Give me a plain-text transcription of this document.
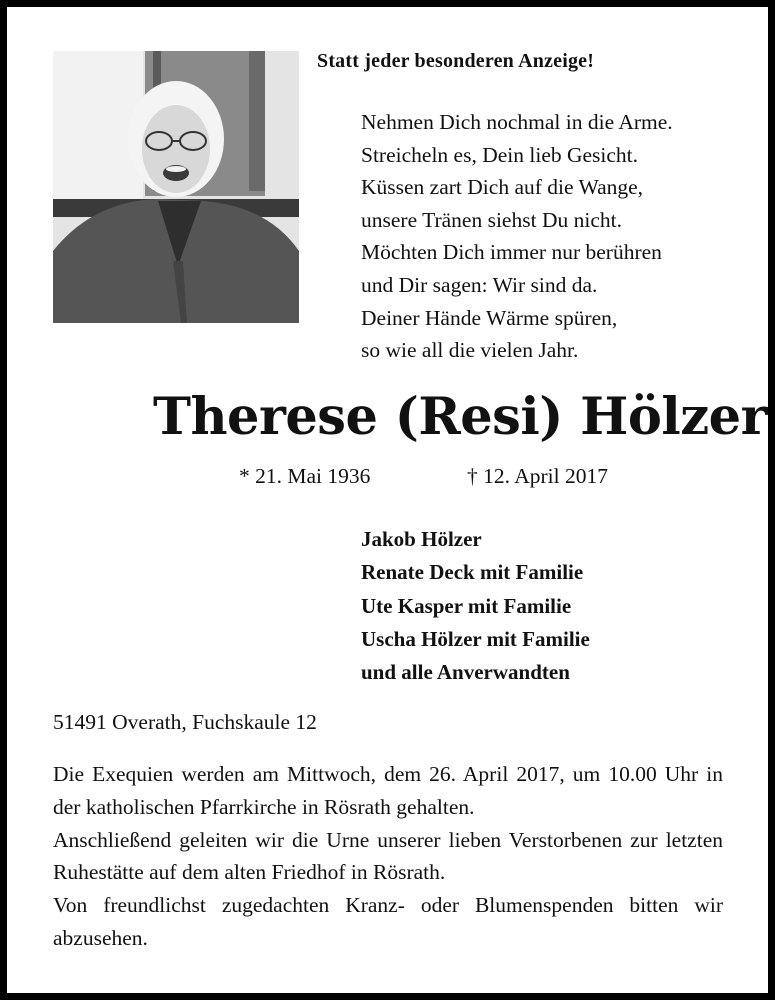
Statt jeder besonderen Anzeige!
Nehmen Dich nochmal in die Arme.
Streicheln es, Dein lieb Gesicht.
Küssen zart Dich auf die Wange,
unsere Tränen siehst Du nicht.
Möchten Dich immer nur berühren
und Dir sagen: Wir sind da.
Deiner Hände Wärme spüren,
so wie all die vielen Jahr.
Therese (Resi) Hölzer
* 21. Mai 1936	† 12. April 2017
Jakob Hölzer
Renate Deck mit Familie
Ute Kasper mit Familie
Uscha Hölzer mit Familie
und alle Anverwandten
51491 Overath, Fuchskaule 12

Die Exequien werden am Mittwoch, dem 26. April 2017, um 10.00 Uhr in der katholischen Pfarrkirche in Rösrath gehalten.

Anschließend geleiten wir die Urne unserer lieben Verstorbenen zur letzten Ruhestätte auf dem alten Friedhof in Rösrath.

Von freundlichst zugedachten Kranz- oder Blumenspenden bitten wir abzusehen.
